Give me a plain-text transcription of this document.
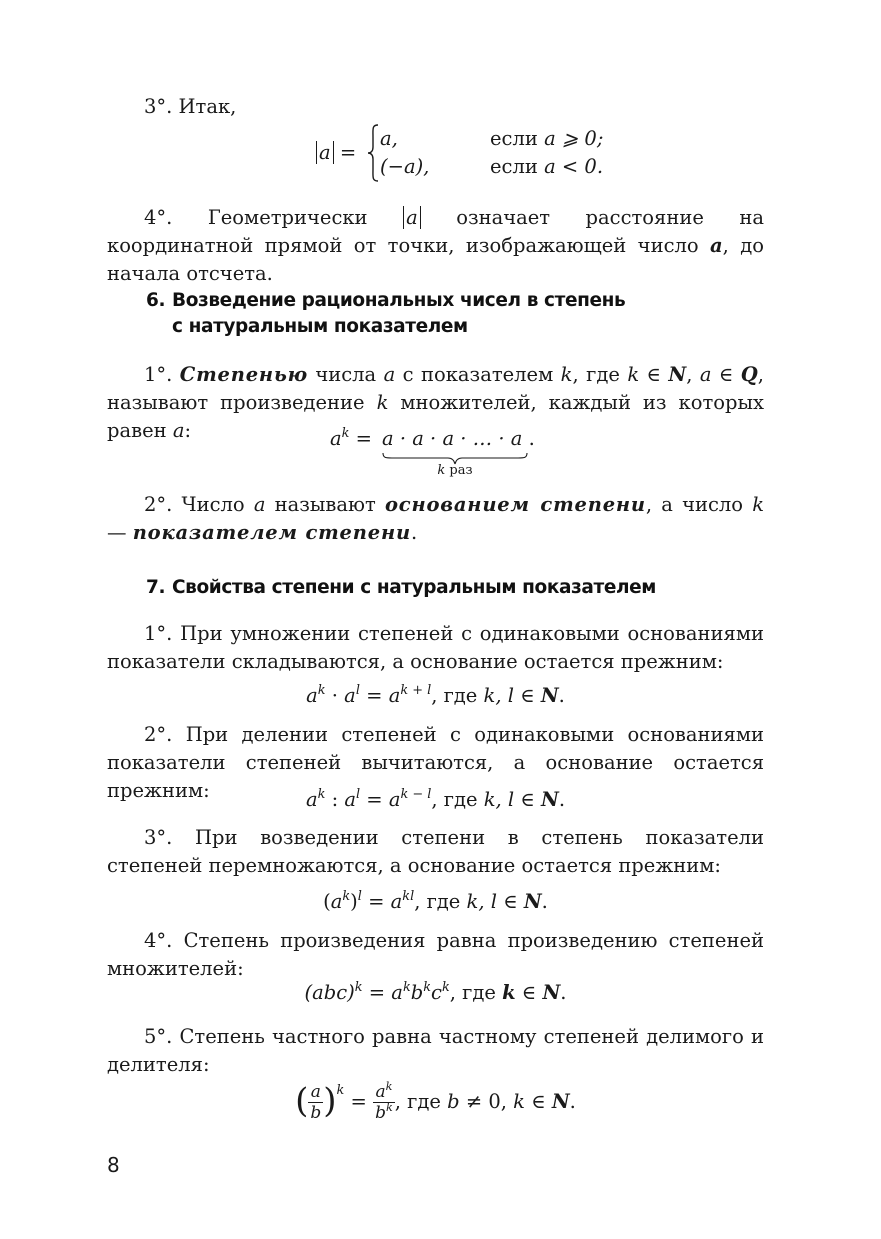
3°. Итак,
a =
a,	если a ⩾ 0;
(−a),	если a < 0.
4°. Геометрически a означает расстояние на координатной прямой от точки, изображающей число a, до начала отсчета.
6. Возведение рациональных чисел в степень
с натуральным показателем
1°. Степенью числа a с показателем k, где k ∈ N, a ∈ Q, называют произведение k множителей, каждый из которых равен a:	$a^k = a \cdot a \cdot a$ · … · a .
k раз
2°. Число a называют основанием степени, а число k — показателем степени.
7. Свойства степени с натуральным показателем
1°. При умножении степеней с одинаковыми основаниями показатели складываются, а основание остается прежним:
$a^k \cdot a^l = a^{k + l}$, где k, l ∈ N.
2°. При делении степеней с одинаковыми основаниями показатели степеней вычитаются, а основание остается прежним:	$a^k$ : $a^l = a^{k - l}$, где k, l ∈ N.
3°. При возведении степени в степень показатели степеней перемножаются, а основание остается прежним:
$(a^k)^l = a^{kl}$, где k, l ∈ N.
4°. Степень произведения равна произведению степеней множителей:
$(abc)^k = a^kb^kc^k$, где k ∈ N.
5°. Степень частного равна частному степеней делимого и делителя:
( $\frac{a}{b} )^k = \frac{a^k}{b^k}$ , где b ≠ 0, k ∈ N.
8
